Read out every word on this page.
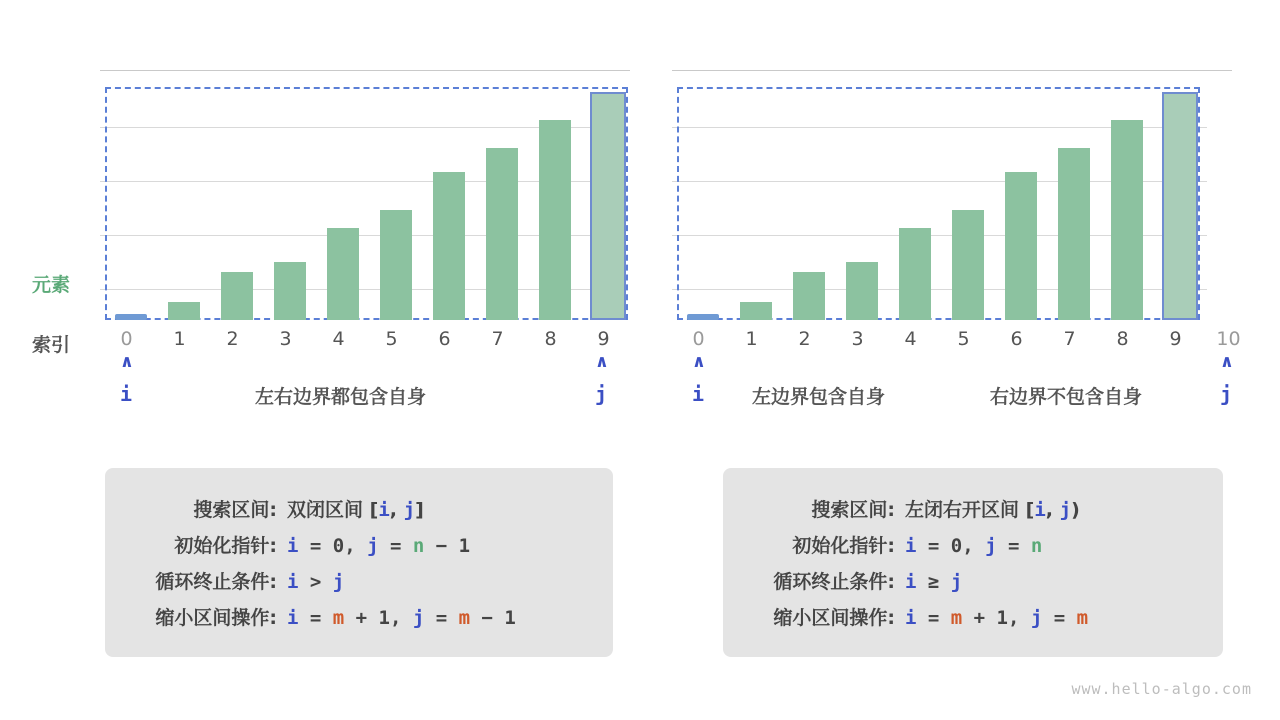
元素
索引	0	1	2	3	4	5	6	7	8	9
∧
i
∧
j
左右边界都包含自身
搜索区间: 双闭区间 [i, j]
初始化指针: i = 0, j = n − 1
循环终止条件: i > j
缩小区间操作: i = m + 1, j = m − 1
0	1	2	3	4	5	6	7	8	9	10
∧
i
∧
j
左边界包含自身	右边界不包含自身
搜索区间: 左闭右开区间 [i, j)
初始化指针: i = 0, j = n
循环终止条件: i ≥ j
缩小区间操作: i = m + 1, j = m
www.hello-algo.com
